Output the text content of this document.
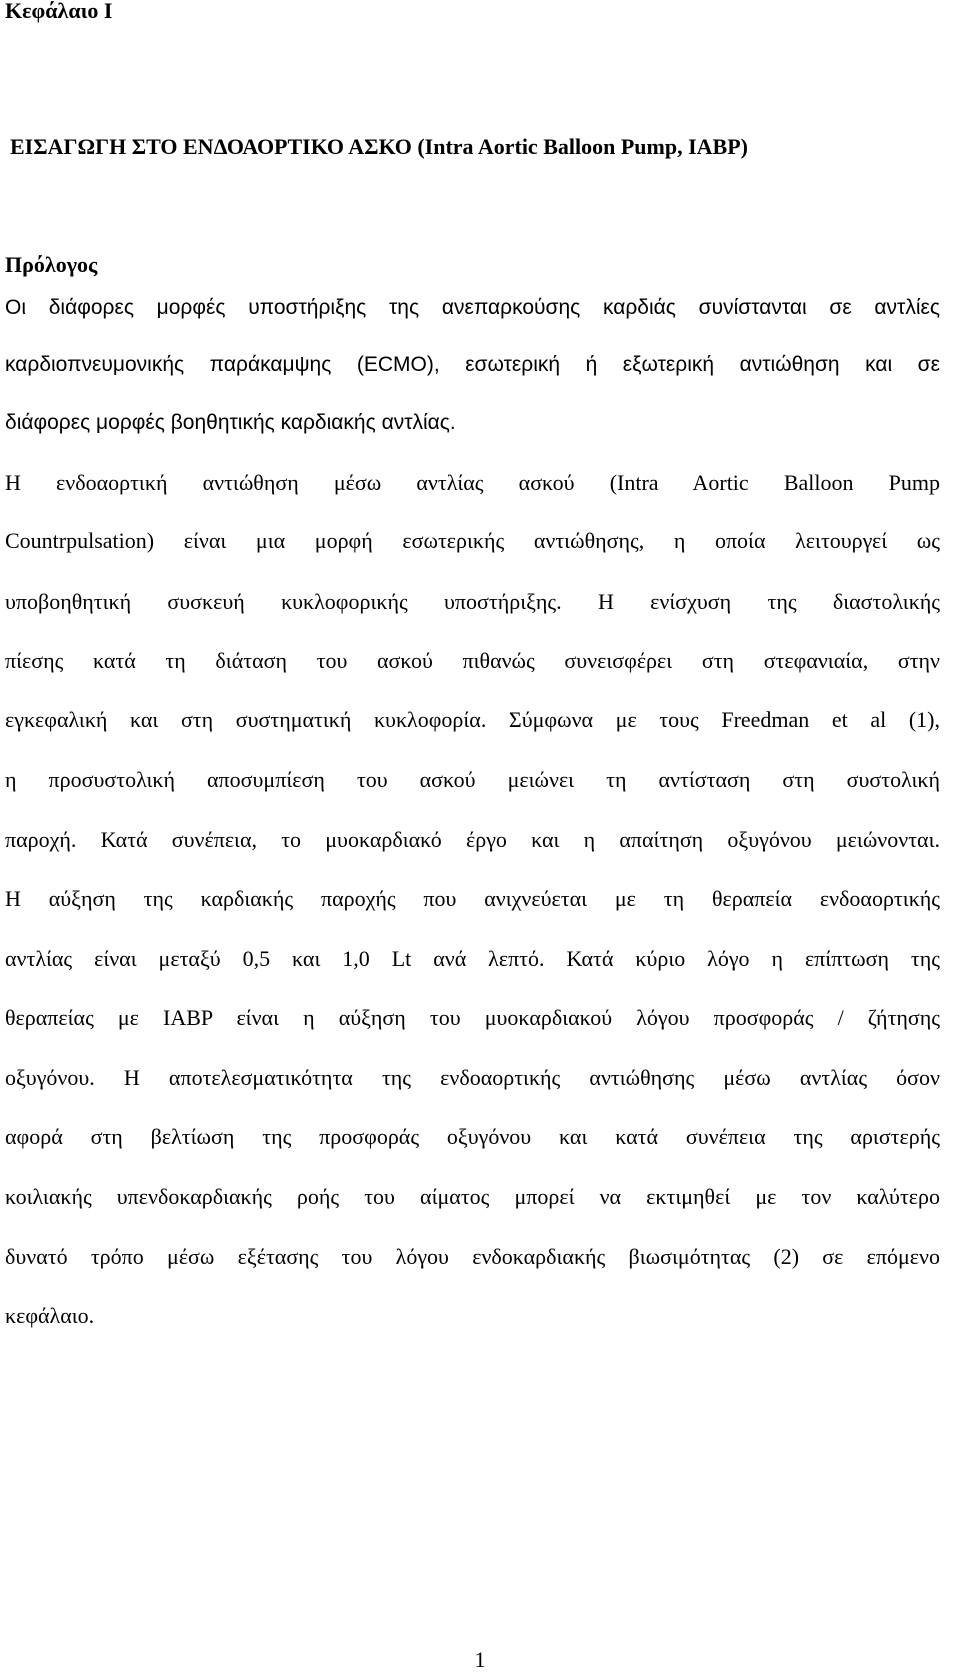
Κεφάλαιο Ι
ΕΙΣΑΓΩΓΗ ΣΤΟ ΕΝΔΟΑΟΡΤΙΚΟ ΑΣΚΟ (Intra Aortic Balloon Pump, IABP)
Πρόλογος

Οι διάφορες μορφές υποστήριξης της ανεπαρκούσης καρδιάς συνίστανται σε αντλίες

καρδιοπνευμονικής παράκαμψης (ECMO), εσωτερική ή εξωτερική αντιώθηση και σε

διάφορες μορφές βοηθητικής καρδιακής αντλίας.

Η ενδοαορτική αντιώθηση μέσω αντλίας ασκού (Intra Aortic Balloon Pump

Countrpulsation) είναι μια μορφή εσωτερικής αντιώθησης, η οποία λειτουργεί ως

υποβοηθητική συσκευή κυκλοφορικής υποστήριξης. Η ενίσχυση της διαστολικής

πίεσης κατά τη διάταση του ασκού πιθανώς συνεισφέρει στη στεφανιαία, στην

εγκεφαλική και στη συστηματική κυκλοφορία. Σύμφωνα με τους Freedman et al (1),

η προσυστολική αποσυμπίεση του ασκού μειώνει τη αντίσταση στη συστολική

παροχή. Κατά συνέπεια, το μυοκαρδιακό έργο και η απαίτηση οξυγόνου μειώνονται.

Η αύξηση της καρδιακής παροχής που ανιχνεύεται με τη θεραπεία ενδοαορτικής

αντλίας είναι μεταξύ 0,5 και 1,0 Lt ανά λεπτό. Κατά κύριο λόγο η επίπτωση της

θεραπείας με IABP είναι η αύξηση του μυοκαρδιακού λόγου προσφοράς / ζήτησης

οξυγόνου. Η αποτελεσματικότητα της ενδοαορτικής αντιώθησης μέσω αντλίας όσον

αφορά στη βελτίωση της προσφοράς οξυγόνου και κατά συνέπεια της αριστερής

κοιλιακής υπενδοκαρδιακής ροής του αίματος μπορεί να εκτιμηθεί με τον καλύτερο

δυνατό τρόπο μέσω εξέτασης του λόγου ενδοκαρδιακής βιωσιμότητας (2) σε επόμενο

κεφάλαιο.

1
